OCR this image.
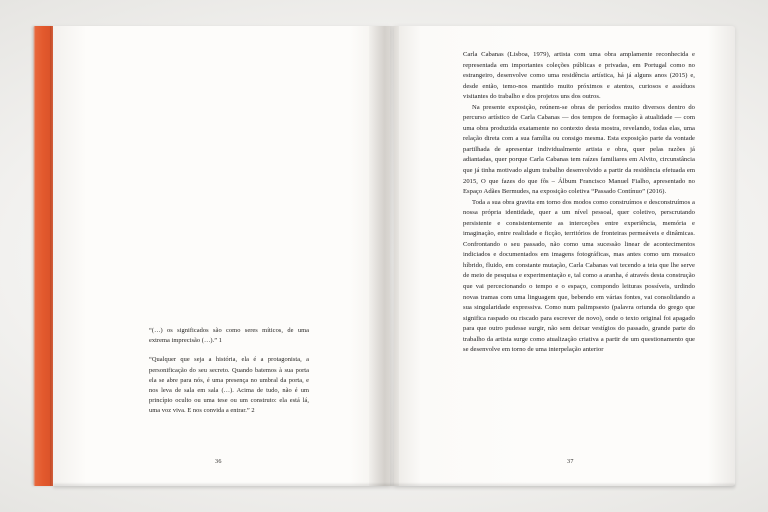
“(…) os significados são como seres míticos, de uma extrema imprecisão (…).” 1

“Qualquer que seja a história, ela é a protagonista, a personificação do seu secreto. Quando batemos à sua porta ela se abre para nós, é uma presença no umbral da porta, e nos leva de sala em sala (…). Acima de tudo, não é um princípio oculto ou uma tese ou um construto: ela está lá, uma voz viva. E nos convida a entrar.” 2

36

Carla Cabanas (Lisboa, 1979), artista com uma obra amplamente reconhecida e representada em importantes coleções públicas e privadas, em Portugal como no estrangeiro, desenvolve como uma residência artística, há já alguns anos (2015) e, desde então, temo-nos mantido muito próximos e atentos, curiosos e assíduos visitantes do trabalho e dos projetos uns dos outros.

Na presente exposição, reúnem-se obras de períodos muito diversos dentro do percurso artístico de Carla Cabanas — dos tempos de formação à atualidade — com uma obra produzida exatamente no contexto desta mostra, revelando, todas elas, uma relação direta com a sua família ou consigo mesma. Esta exposição parte da vontade partilhada de apresentar individualmente artista e obra, quer pelas razões já adiantadas, quer porque Carla Cabanas tem raízes familiares em Alvito, circunstância que já tinha motivado algum trabalho desenvolvido a partir da residência efetuada em 2015, O que fazes do que fôs – Álbum Francisco Manuel Fialho, apresentado no Espaço Adães Bermudes, na exposição coletiva “Passado Contínuo” (2016).

Toda a sua obra gravita em torno dos modos como construímos e desconstruímos a nossa própria identidade, quer a um nível pessoal, quer coletivo, perscrutando persistente e consistentemente as interceções entre experiência, memória e imaginação, entre realidade e ficção, territórios de fronteiras permeáveis e dinâmicas. Confrontando o seu passado, não como uma sucessão linear de acontecimentos indiciados e documentados em imagens fotográficas, mas antes como um mosaico híbrido, fluido, em constante mutação, Carla Cabanas vai tecendo a teia que lhe serve de meio de pesquisa e experimentação e, tal como a aranha, é através desta construção que vai percecionando o tempo e o espaço, compondo leituras possíveis, urdindo novas tramas com uma linguagem que, bebendo em várias fontes, vai consolidando a sua singularidade expressiva. Como num palimpsesto (palavra oriunda do grego que significa raspado ou riscado para escrever de novo), onde o texto original foi apagado para que outro pudesse surgir, não sem deixar vestígios do passado, grande parte do trabalho da artista surge como atualização criativa a partir de um questionamento que se desenvolve em torno de uma interpelação anterior

37
